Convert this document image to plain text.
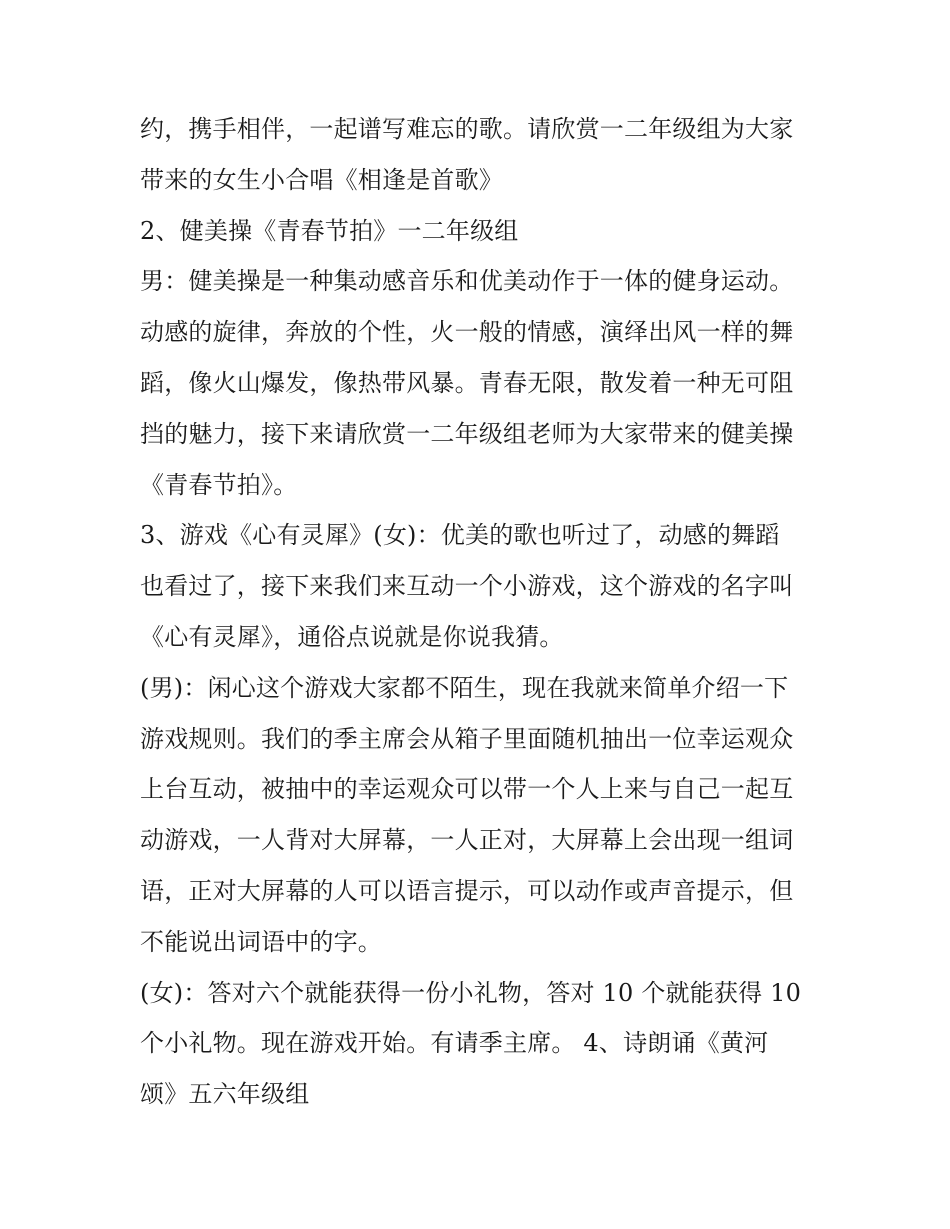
约，携手相伴，一起谱写难忘的歌。请欣赏一二年级组为大家

带来的女生小合唱《相逢是首歌》

2、健美操《青春节拍》一二年级组

男：健美操是一种集动感音乐和优美动作于一体的健身运动。

动感的旋律，奔放的个性，火一般的情感，演绎出风一样的舞

蹈，像火山爆发，像热带风暴。青春无限，散发着一种无可阻

挡的魅力，接下来请欣赏一二年级组老师为大家带来的健美操

《青春节拍》。

3、游戏《心有灵犀》(女)：优美的歌也听过了，动感的舞蹈

也看过了，接下来我们来互动一个小游戏，这个游戏的名字叫

《心有灵犀》，通俗点说就是你说我猜。

(男)：闲心这个游戏大家都不陌生，现在我就来简单介绍一下

游戏规则。我们的季主席会从箱子里面随机抽出一位幸运观众

上台互动，被抽中的幸运观众可以带一个人上来与自己一起互

动游戏，一人背对大屏幕，一人正对，大屏幕上会出现一组词

语，正对大屏幕的人可以语言提示，可以动作或声音提示，但

不能说出词语中的字。

(女)：答对六个就能获得一份小礼物，答对 10 个就能获得 10

个小礼物。现在游戏开始。有请季主席。 4、诗朗诵《黄河

颂》五六年级组
